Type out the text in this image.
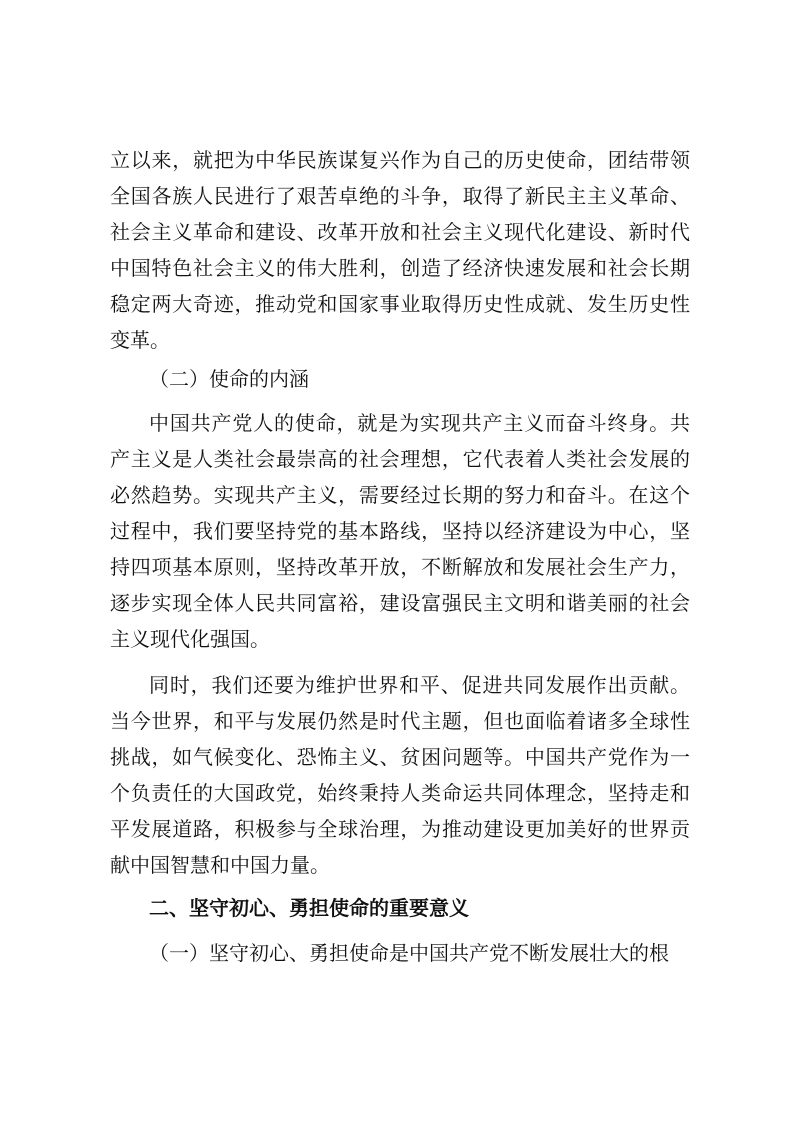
立以来，就把为中华民族谋复兴作为自己的历史使命，团结带领
全国各族人民进行了艰苦卓绝的斗争，取得了新民主主义革命、
社会主义革命和建设、改革开放和社会主义现代化建设、新时代
中国特色社会主义的伟大胜利，创造了经济快速发展和社会长期
稳定两大奇迹，推动党和国家事业取得历史性成就、发生历史性
变革。
（二）使命的内涵
中国共产党人的使命，就是为实现共产主义而奋斗终身。共
产主义是人类社会最崇高的社会理想，它代表着人类社会发展的
必然趋势。实现共产主义，需要经过长期的努力和奋斗。在这个
过程中，我们要坚持党的基本路线，坚持以经济建设为中心，坚
持四项基本原则，坚持改革开放，不断解放和发展社会生产力，
逐步实现全体人民共同富裕，建设富强民主文明和谐美丽的社会
主义现代化强国。
同时，我们还要为维护世界和平、促进共同发展作出贡献。
当今世界，和平与发展仍然是时代主题，但也面临着诸多全球性
挑战，如气候变化、恐怖主义、贫困问题等。中国共产党作为一
个负责任的大国政党，始终秉持人类命运共同体理念，坚持走和
平发展道路，积极参与全球治理，为推动建设更加美好的世界贡
献中国智慧和中国力量。
二、坚守初心、勇担使命的重要意义
（一）坚守初心、勇担使命是中国共产党不断发展壮大的根
